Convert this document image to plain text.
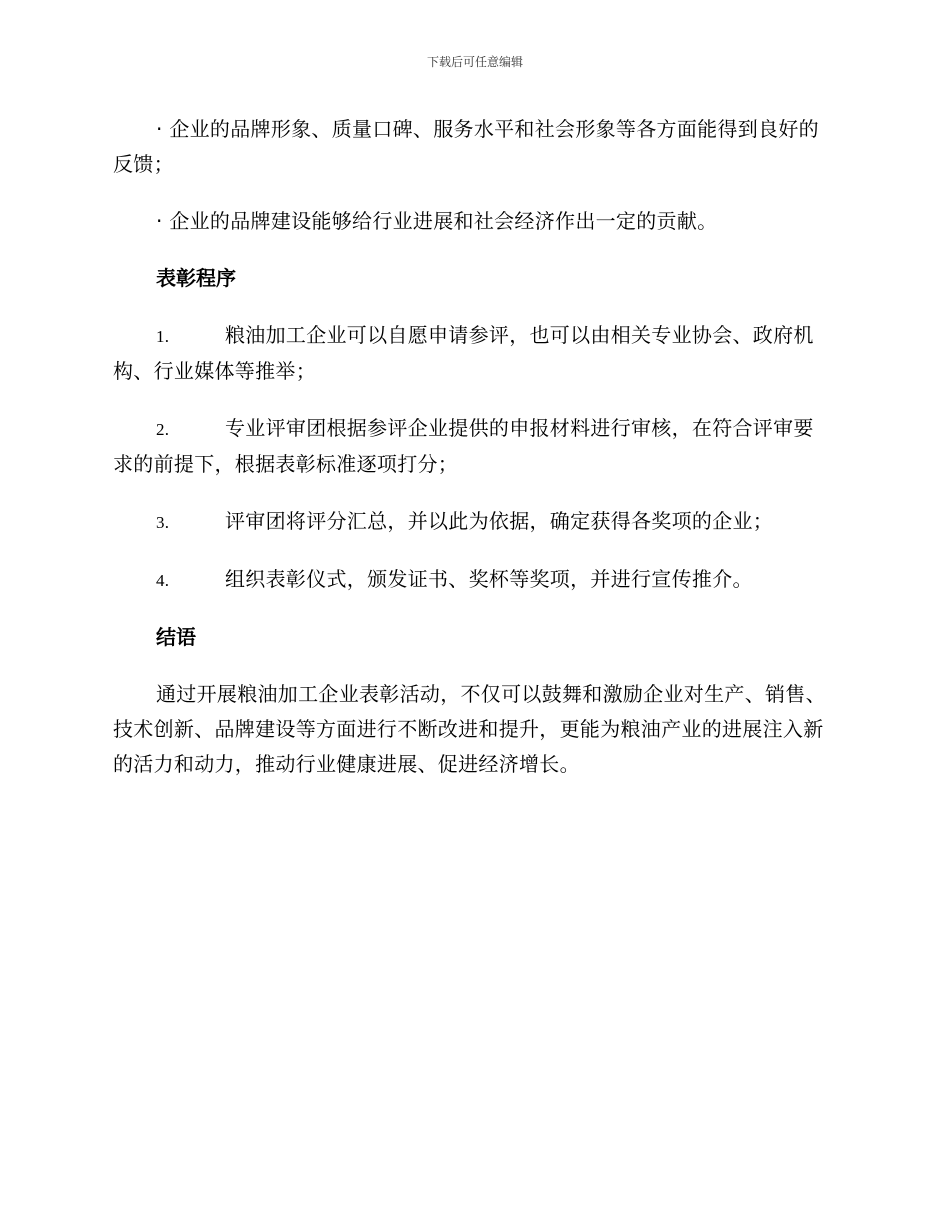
下载后可任意编辑

· 企业的品牌形象、质量口碑、服务水平和社会形象等各方面能得到良好的反馈；

· 企业的品牌建设能够给行业进展和社会经济作出一定的贡献。

表彰程序
1.	粮油加工企业可以自愿申请参评，也可以由相关专业协会、政府机构、行业媒体等推举；
2.	专业评审团根据参评企业提供的申报材料进行审核，在符合评审要求的前提下，根据表彰标准逐项打分；
3.	评审团将评分汇总，并以此为依据，确定获得各奖项的企业；
4.	组织表彰仪式，颁发证书、奖杯等奖项，并进行宣传推介。
结语

通过开展粮油加工企业表彰活动，不仅可以鼓舞和激励企业对生产、销售、技术创新、品牌建设等方面进行不断改进和提升，更能为粮油产业的进展注入新的活力和动力，推动行业健康进展、促进经济增长。
